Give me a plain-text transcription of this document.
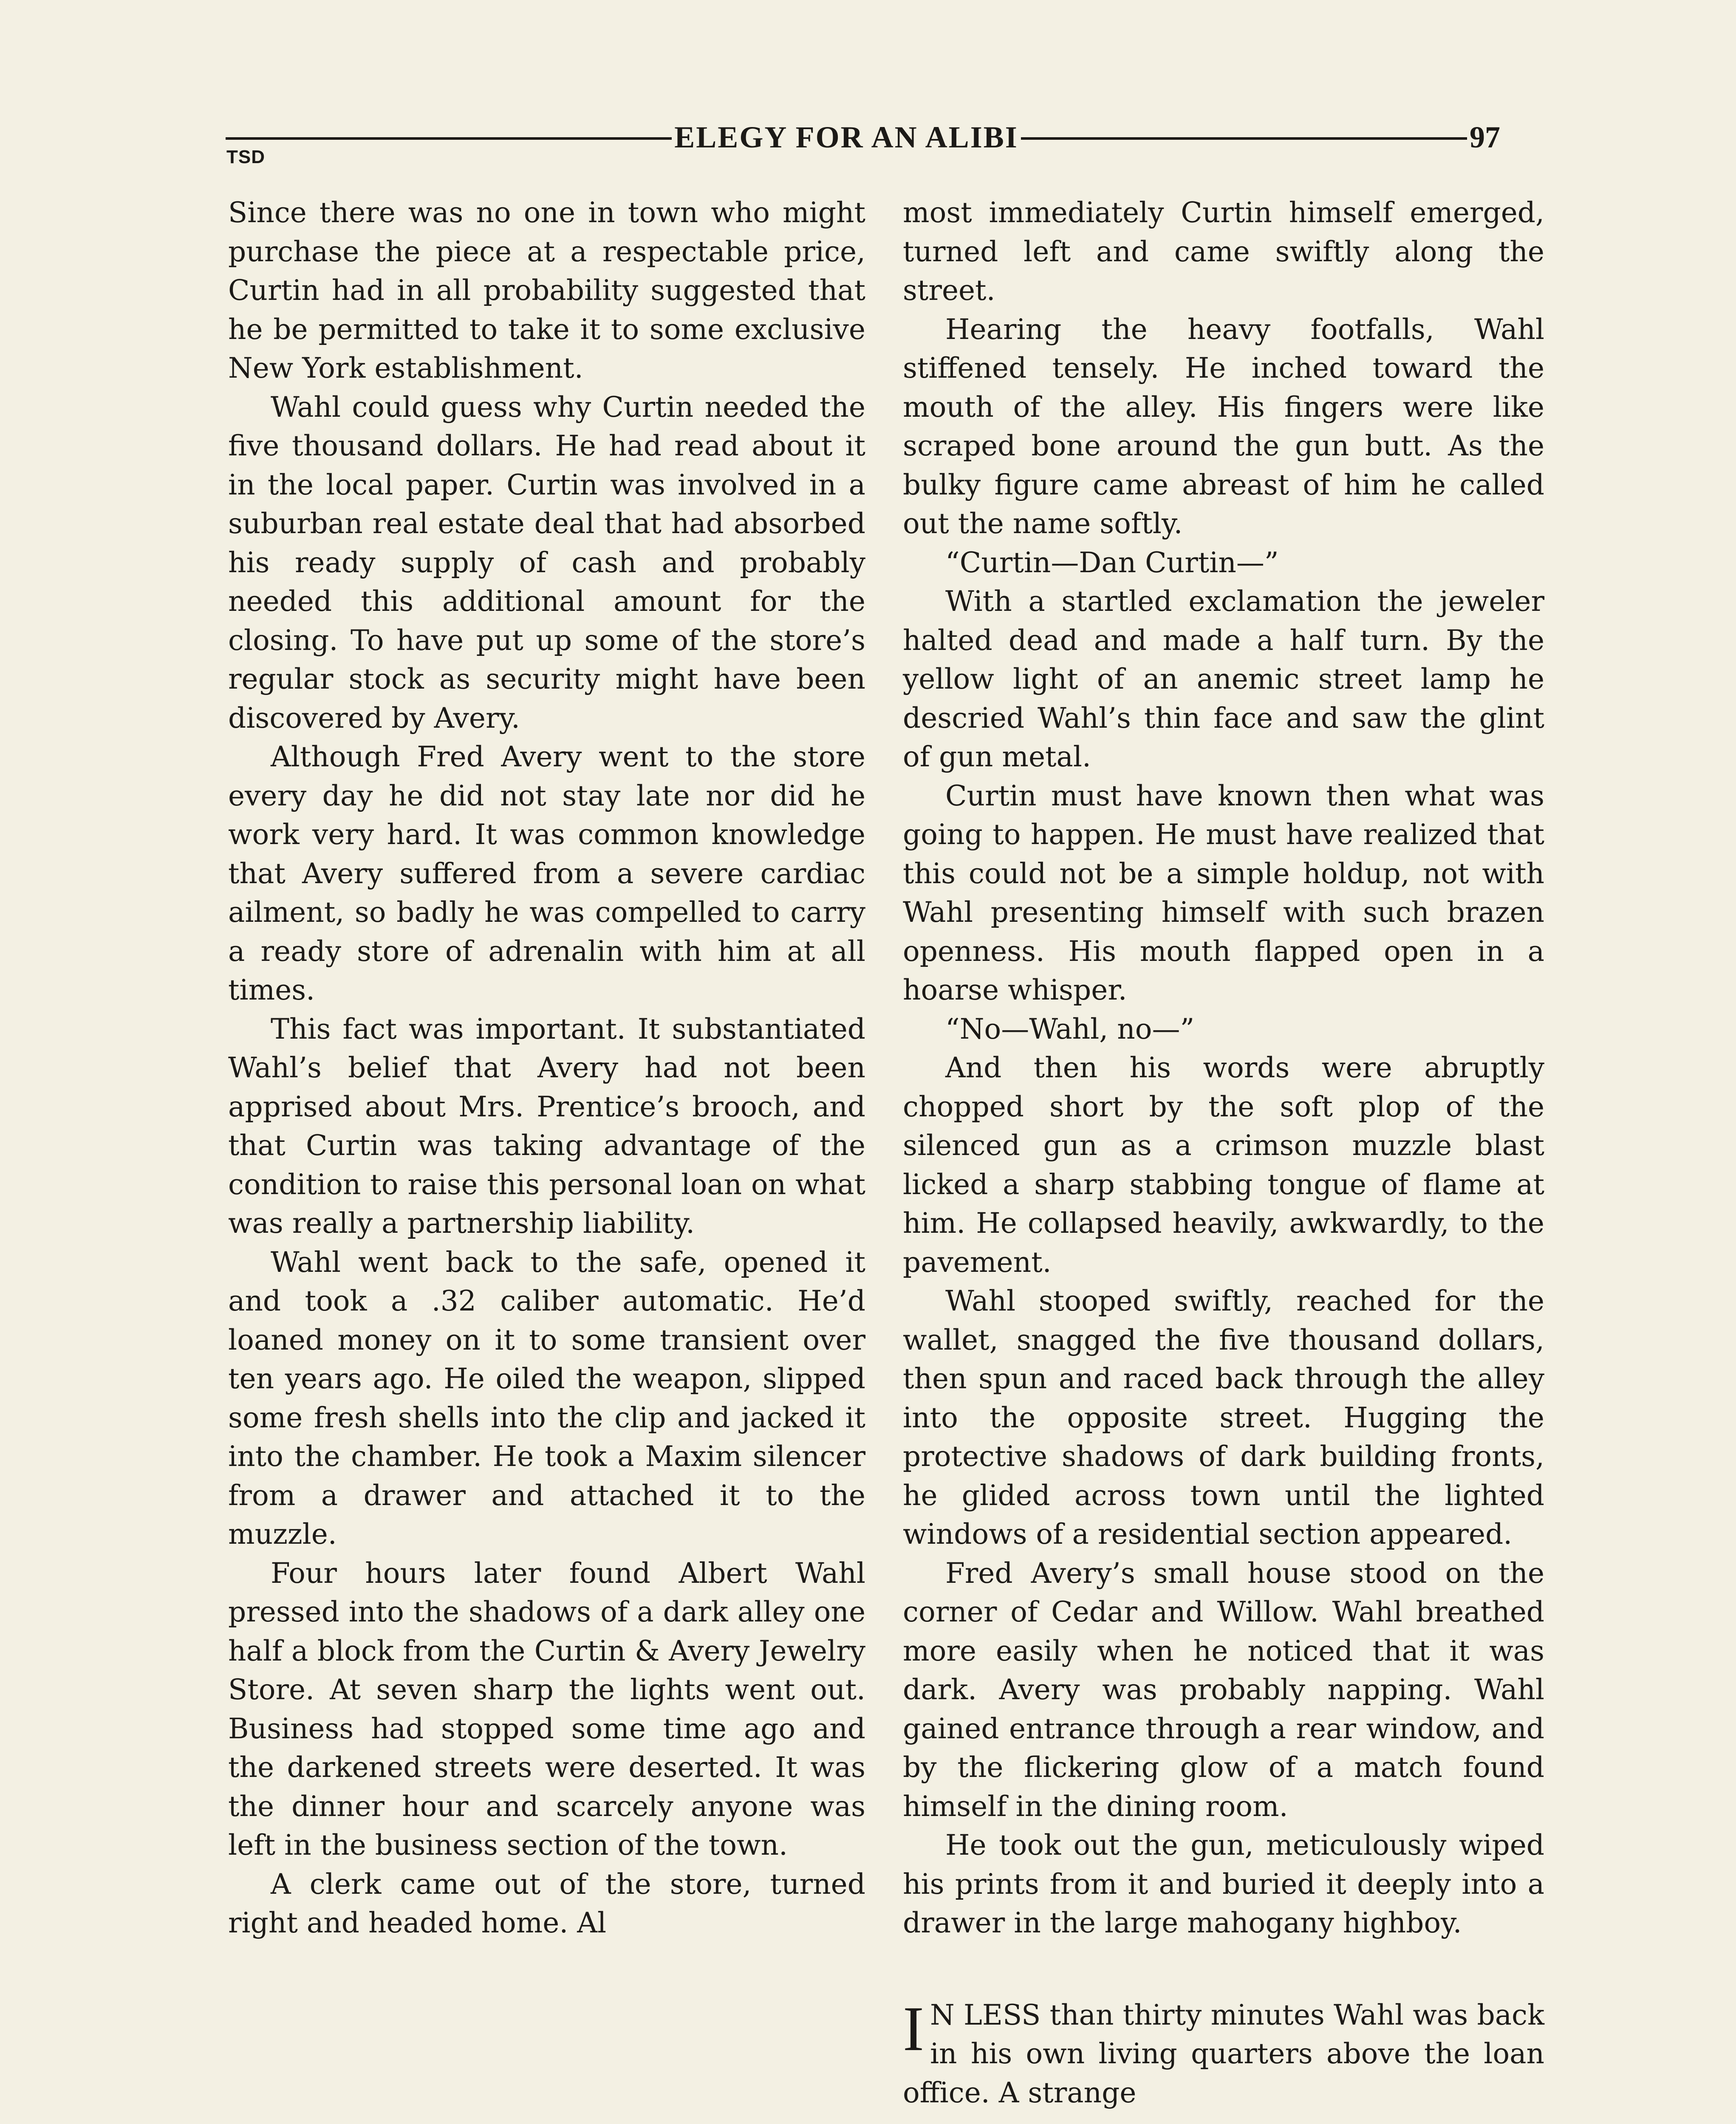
ELEGY FOR AN ALIBI	97
TSD

Since there was no one in town who might purchase the piece at a respectable price, Curtin had in all probability suggested that he be permitted to take it to some exclusive New York establishment.

Wahl could guess why Curtin needed the five thousand dollars. He had read about it in the local paper. Curtin was involved in a suburban real estate deal that had absorbed his ready supply of cash and probably needed this additional amount for the closing. To have put up some of the store’s regular stock as security might have been discovered by Avery.

Although Fred Avery went to the store every day he did not stay late nor did he work very hard. It was common knowledge that Avery suffered from a severe cardiac ailment, so badly he was compelled to carry a ready store of adrenalin with him at all times.

This fact was important. It substantiated Wahl’s belief that Avery had not been apprised about Mrs. Prentice’s brooch, and that Curtin was taking advantage of the condition to raise this personal loan on what was really a partnership liability.

Wahl went back to the safe, opened it and took a .32 caliber automatic. He’d loaned money on it to some transient over ten years ago. He oiled the weapon, slipped some fresh shells into the clip and jacked it into the chamber. He took a Maxim silencer from a drawer and attached it to the muzzle.

Four hours later found Albert Wahl pressed into the shadows of a dark alley one half a block from the Curtin & Avery Jewelry Store. At seven sharp the lights went out. Business had stopped some time ago and the darkened streets were deserted. It was the dinner hour and scarcely anyone was left in the business section of the town.

A clerk came out of the store, turned right and headed home. Al

most immediately Curtin himself emerged, turned left and came swiftly along the street.

Hearing the heavy footfalls, Wahl stiffened tensely. He inched toward the mouth of the alley. His fingers were like scraped bone around the gun butt. As the bulky figure came abreast of him he called out the name softly.

“Curtin—Dan Curtin—”

With a startled exclamation the jeweler halted dead and made a half turn. By the yellow light of an anemic street lamp he descried Wahl’s thin face and saw the glint of gun metal.

Curtin must have known then what was going to happen. He must have realized that this could not be a simple holdup, not with Wahl presenting himself with such brazen openness. His mouth flapped open in a hoarse whisper.

“No—Wahl, no—”

And then his words were abruptly chopped short by the soft plop of the silenced gun as a crimson muzzle blast licked a sharp stabbing tongue of flame at him. He collapsed heavily, awkwardly, to the pavement.

Wahl stooped swiftly, reached for the wallet, snagged the five thousand dollars, then spun and raced back through the alley into the opposite street. Hugging the protective shadows of dark building fronts, he glided across town until the lighted windows of a residential section appeared.

Fred Avery’s small house stood on the corner of Cedar and Willow. Wahl breathed more easily when he noticed that it was dark. Avery was probably napping. Wahl gained entrance through a rear window, and by the flickering glow of a match found himself in the dining room.

He took out the gun, meticulously wiped his prints from it and buried it deeply into a drawer in the large mahogany highboy.

I N LESS than thirty minutes Wahl was back in his own living quarters above the loan office. A strange
